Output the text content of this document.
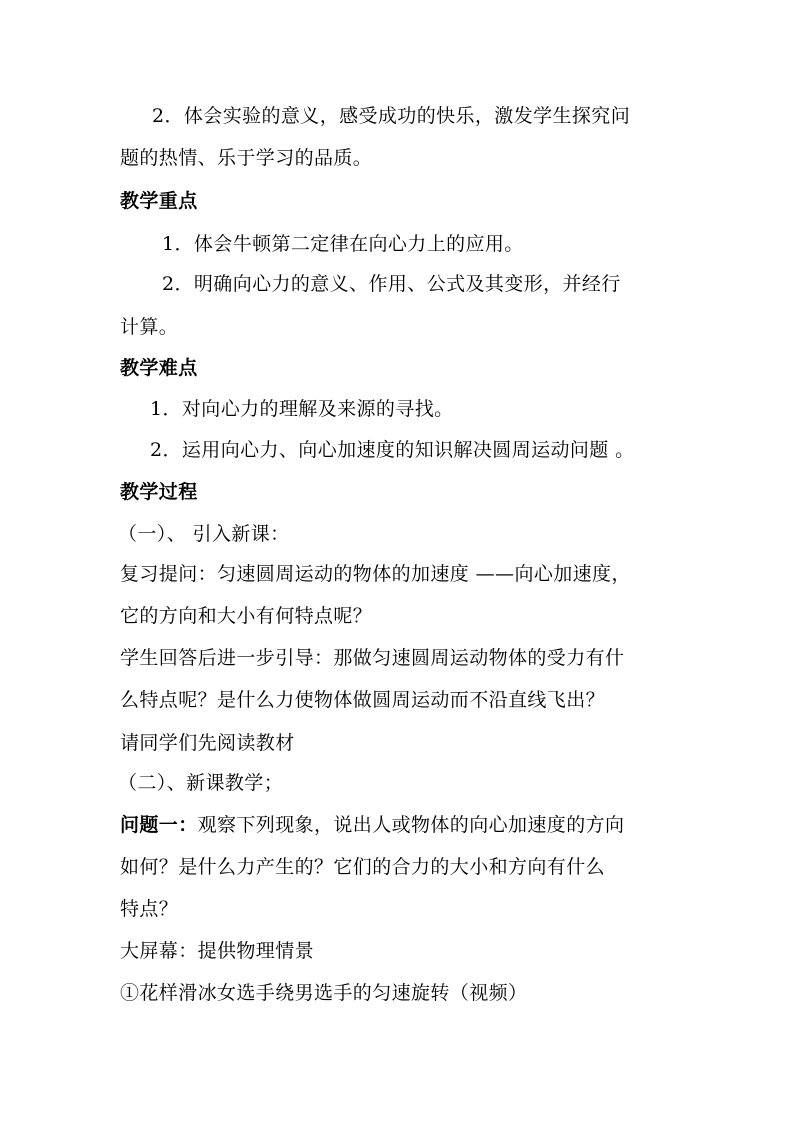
2．体会实验的意义，感受成功的快乐，激发学生探究问
题的热情、乐于学习的品质。
教学重点
1．体会牛顿第二定律在向心力上的应用。
2．明确向心力的意义、作用、公式及其变形，并经行
计算。
教学难点
1．对向心力的理解及来源的寻找。
2．运用向心力、向心加速度的知识解决圆周运动问题 。
教学过程
（一）、 引入新课：
复习提问：匀速圆周运动的物体的加速度 ——向心加速度，
它的方向和大小有何特点呢？
学生回答后进一步引导：那做匀速圆周运动物体的受力有什
么特点呢？是什么力使物体做圆周运动而不沿直线飞出？
请同学们先阅读教材
（二）、新课教学；
问题一：观察下列现象，说出人或物体的向心加速度的方向
如何？是什么力产生的？它们的合力的大小和方向有什么
特点？
大屏幕：提供物理情景
①花样滑冰女选手绕男选手的匀速旋转（视频）
